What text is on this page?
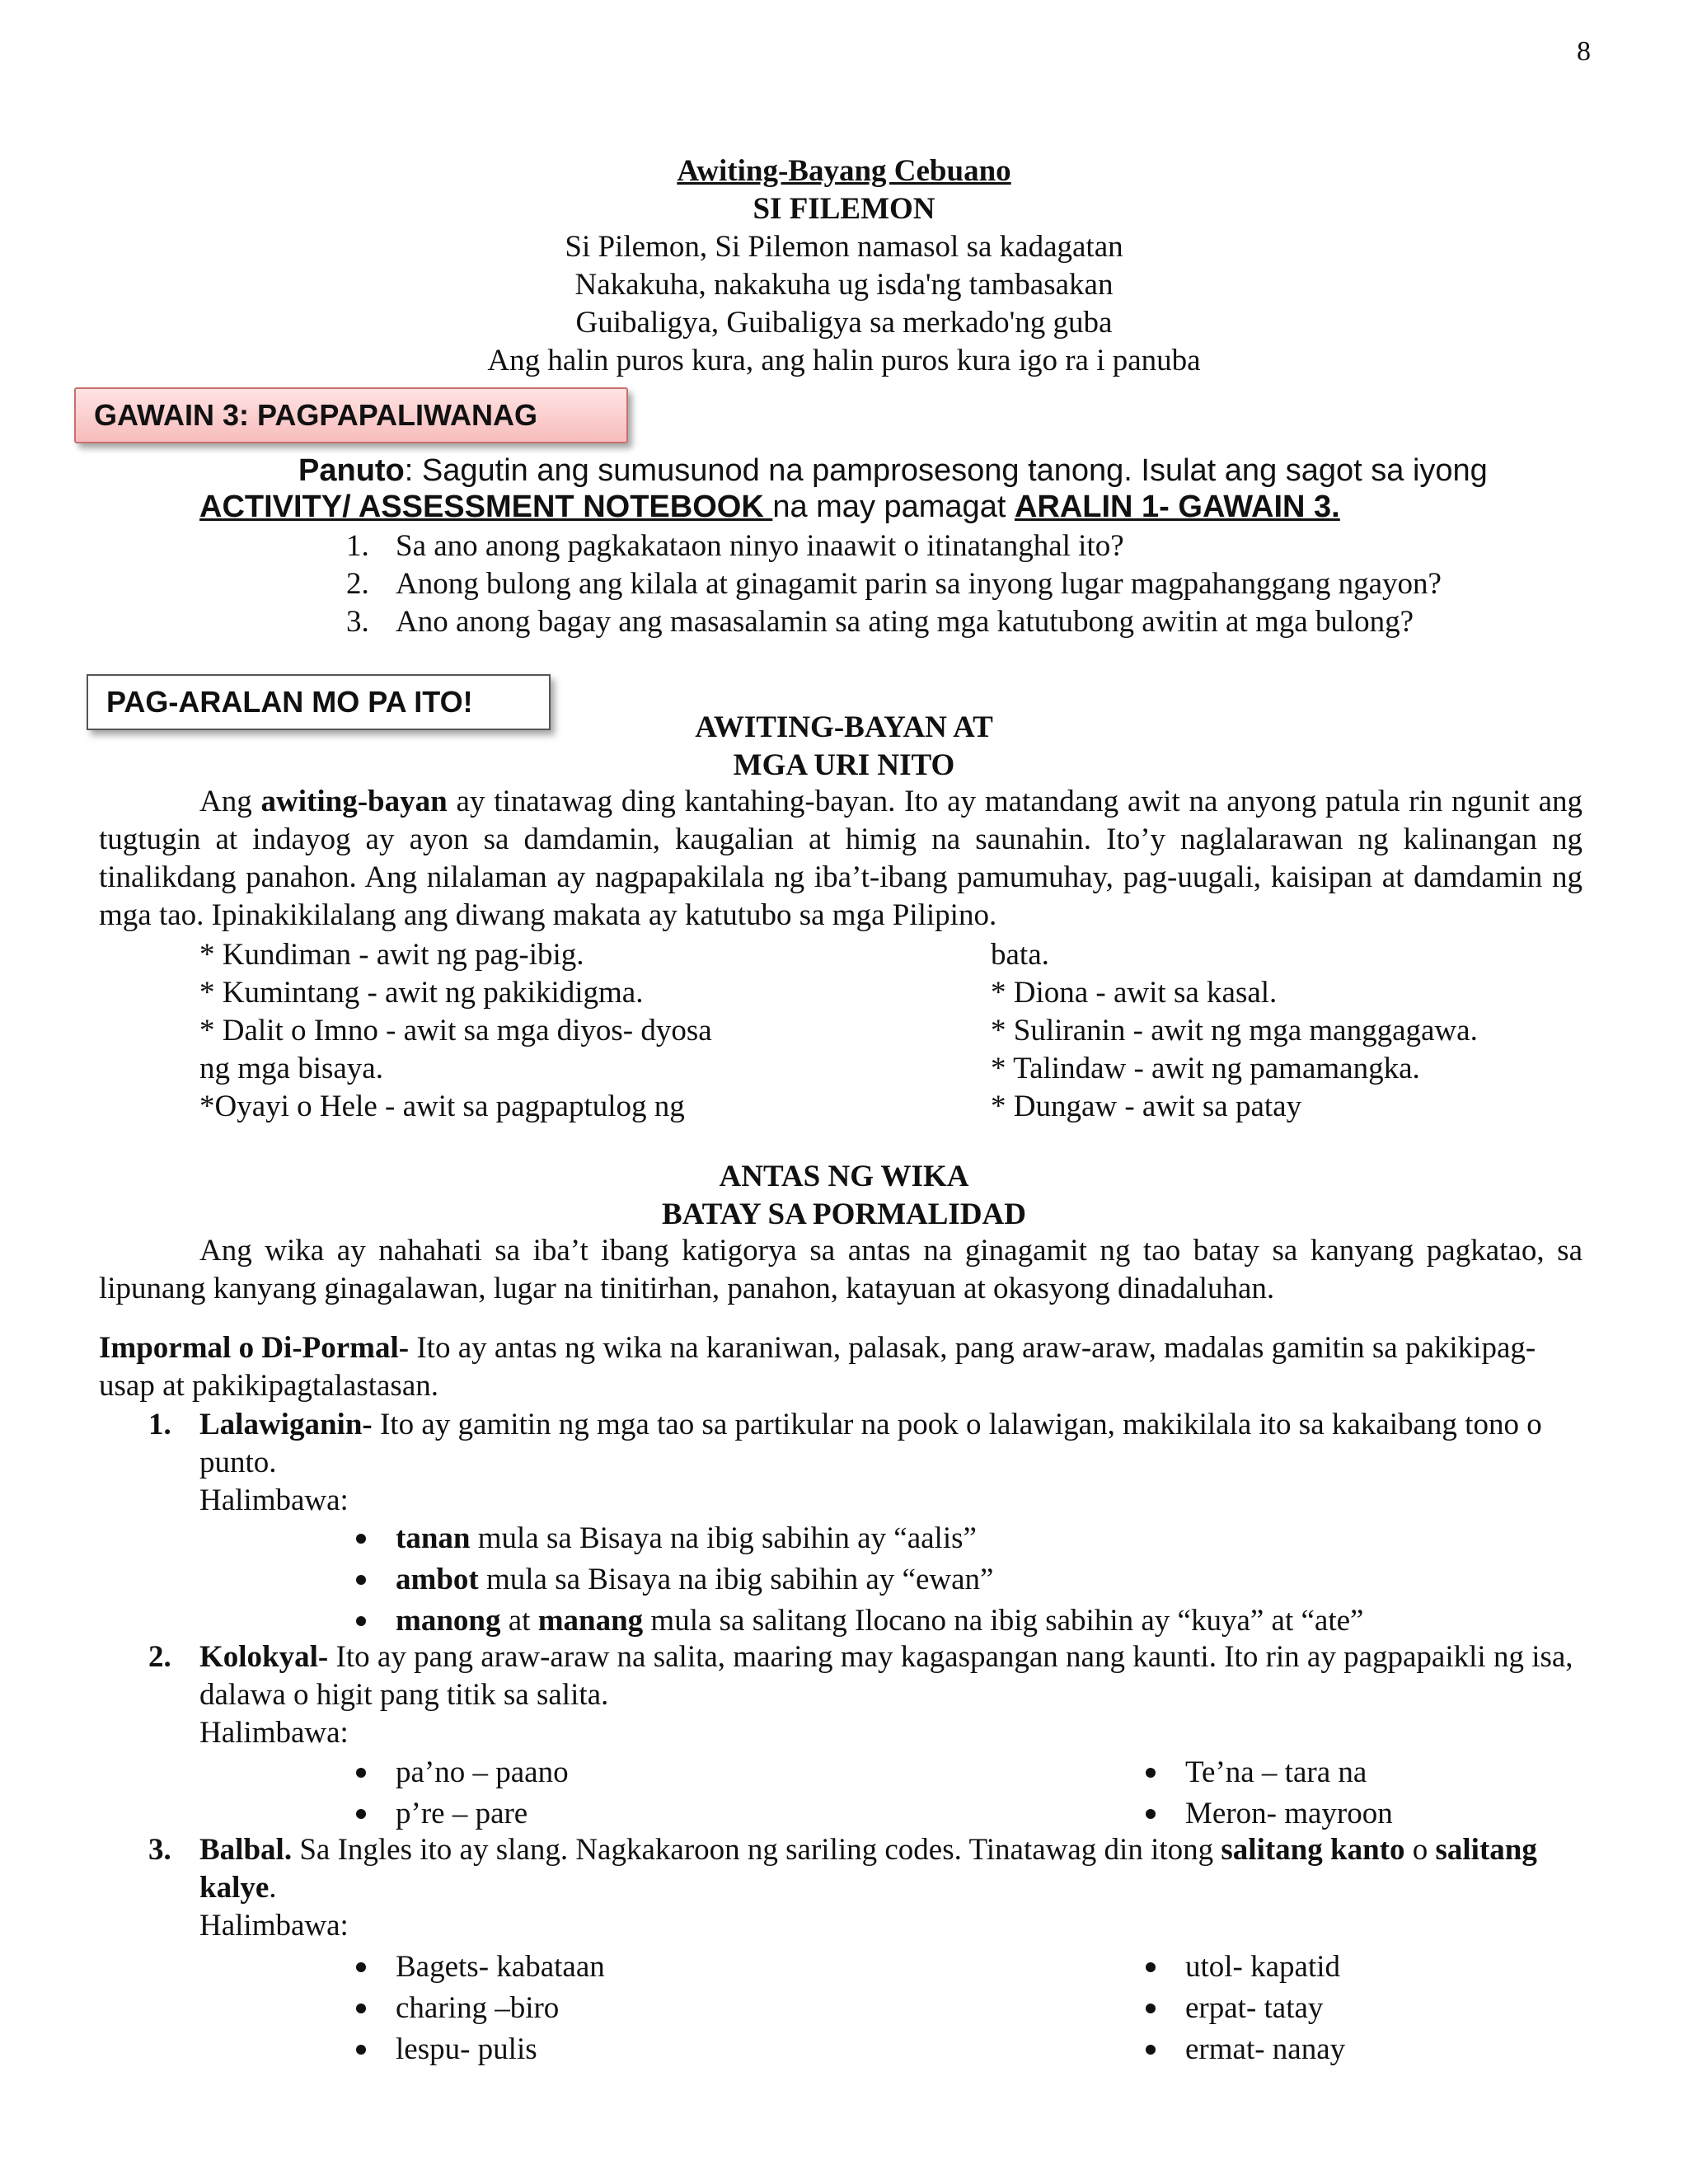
8
Awiting-Bayang Cebuano
SI FILEMON
Si Pilemon, Si Pilemon namasol sa kadagatan
Nakakuha, nakakuha ug isda'ng tambasakan
Guibaligya, Guibaligya sa merkado'ng guba
Ang halin puros kura, ang halin puros kura igo ra i panuba
GAWAIN 3: PAGPAPALIWANAG
Panuto: Sagutin ang sumusunod na pamprosesong tanong. Isulat ang sagot sa iyong
ACTIVITY/ ASSESSMENT NOTEBOOK na may pamagat ARALIN 1- GAWAIN 3.
1. Sa ano anong pagkakataon ninyo inaawit o itinatanghal ito?
2. Anong bulong ang kilala at ginagamit parin sa inyong lugar magpahanggang ngayon?
3. Ano anong bagay ang masasalamin sa ating mga katutubong awitin at mga bulong?
PAG-ARALAN MO PA ITO!
AWITING-BAYAN AT
MGA URI NITO
Ang awiting-bayan ay tinatawag ding kantahing-bayan. Ito ay matandang awit na anyong patula rin ngunit ang tugtugin at indayog ay ayon sa damdamin, kaugalian at himig na saunahin. Ito’y naglalarawan ng kalinangan ng tinalikdang panahon. Ang nilalaman ay nagpapakilala ng iba’t-ibang pamumuhay, pag-uugali, kaisipan at damdamin ng mga tao. Ipinakikilalang ang diwang makata ay katutubo sa mga Pilipino.
* Kundiman - awit ng pag-ibig.
* Kumintang - awit ng pakikidigma.
* Dalit o Imno - awit sa mga diyos- dyosa
ng mga bisaya.
*Oyayi o Hele - awit sa pagpaptulog ng
bata.
* Diona - awit sa kasal.
* Suliranin - awit ng mga manggagawa.
* Talindaw - awit ng pamamangka.
* Dungaw - awit sa patay
ANTAS NG WIKA
BATAY SA PORMALIDAD
Ang wika ay nahahati sa iba’t ibang katigorya sa antas na ginagamit ng tao batay sa kanyang pagkatao, sa lipunang kanyang ginagalawan, lugar na tinitirhan, panahon, katayuan at okasyong dinadaluhan.
Impormal o Di-Pormal- Ito ay antas ng wika na karaniwan, palasak, pang araw-araw, madalas gamitin sa pakikipag-usap at pakikipagtalastasan.
1. Lalawiganin- Ito ay gamitin ng mga tao sa partikular na pook o lalawigan, makikilala ito sa kakaibang tono o punto.
Halimbawa:
tanan mula sa Bisaya na ibig sabihin ay “aalis”
ambot mula sa Bisaya na ibig sabihin ay “ewan”
manong at manang mula sa salitang Ilocano na ibig sabihin ay “kuya” at “ate”
2. Kolokyal- Ito ay pang araw-araw na salita, maaring may kagaspangan nang kaunti. Ito rin ay pagpapaikli ng isa, dalawa o higit pang titik sa salita.
Halimbawa:
pa’no – paano
p’re – pare
Te’na – tara na
Meron- mayroon
3. Balbal. Sa Ingles ito ay slang. Nagkakaroon ng sariling codes. Tinatawag din itong salitang kanto o salitang kalye.
Halimbawa:
Bagets- kabataan
charing –biro
lespu- pulis
utol- kapatid
erpat- tatay
ermat- nanay
